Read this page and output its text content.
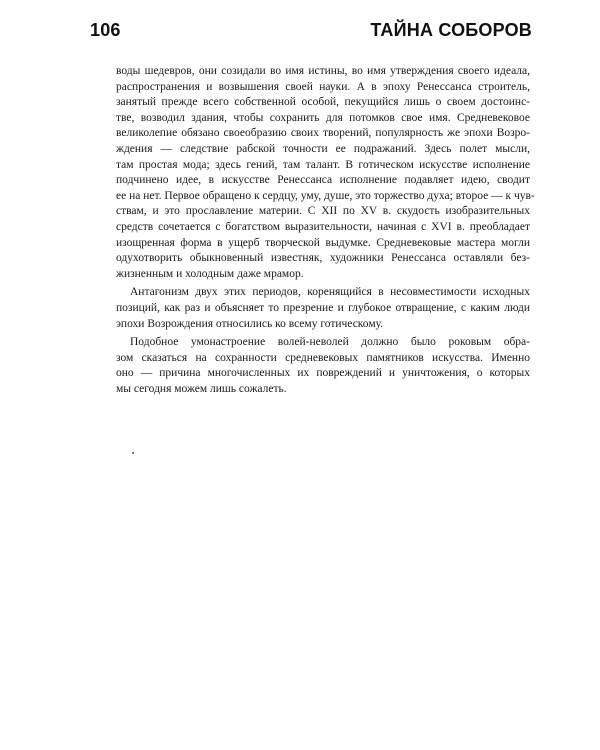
106	ТАЙНА СОБОРОВ
воды шедевров, они созидали во имя истины, во имя утверждения своего идеала,
распространения и возвышения своей науки. А в эпоху Ренессанса строитель,
занятый прежде всего собственной особой, пекущийся лишь о своем достоинс-
тве, возводил здания, чтобы сохранить для потомков свое имя. Средневековое
великолепие обязано своеобразию своих творений, популярность же эпохи Возро-
ждения — следствие рабской точности ее подражаний. Здесь полет мысли,
там простая мода; здесь гений, там талант. В готическом искусстве исполнение
подчинено идее, в искусстве Ренессанса исполнение подавляет идею, сводит
ее на нет. Первое обращено к сердцу, уму, душе, это торжество духа; второе — к чув-
ствам, и это прославление материи. С XII по XV в. скудость изобразительных
средств сочетается с богатством выразительности, начиная с XVI в. преобладает
изощренная форма в ущерб творческой выдумке. Средневековые мастера могли
одухотворить обыкновенный известняк, художники Ренессанса оставляли без-
жизненным и холодным даже мрамор.
Антагонизм двух этих периодов, коренящийся в несовместимости исходных
позиций, как раз и объясняет то презрение и глубокое отвращение, с каким люди
эпохи Возрождения относились ко всему готическому.
Подобное умонастроение волей-неволей должно было роковым обра-
зом сказаться на сохранности средневековых памятников искусства. Именно
оно — причина многочисленных их повреждений и уничтожения, о которых
мы сегодня можем лишь сожалеть.
